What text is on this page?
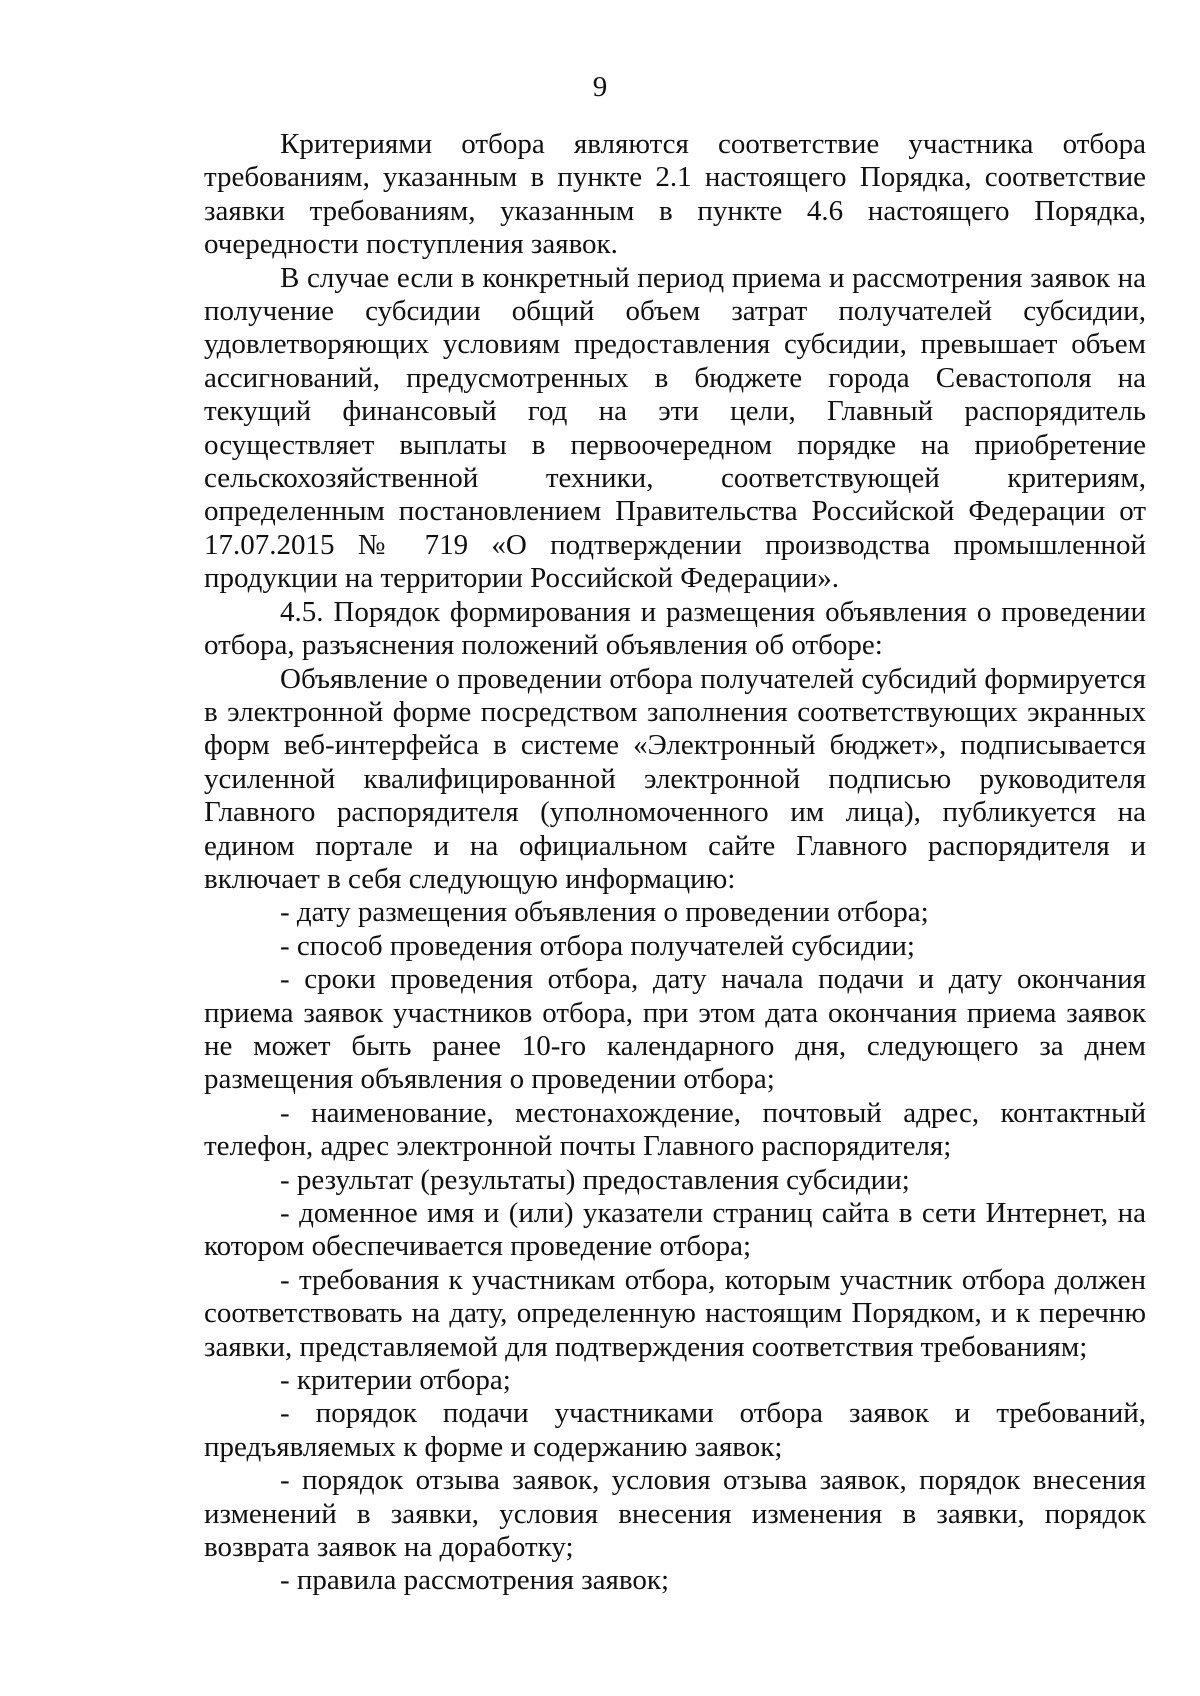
9

Критериями отбора являются соответствие участника отбора требованиям, указанным в пункте 2.1 настоящего Порядка, соответствие заявки требованиям, указанным в пункте 4.6 настоящего Порядка, очередности поступления заявок.

В случае если в конкретный период приема и рассмотрения заявок на получение субсидии общий объем затрат получателей субсидии, удовлетворяющих условиям предоставления субсидии, превышает объем ассигнований, предусмотренных в бюджете города Севастополя на текущий финансовый год на эти цели, Главный распорядитель осуществляет выплаты в первоочередном порядке на приобретение сельскохозяйственной техники, соответствующей критериям, определенным постановлением Правительства Российской Федерации от 17.07.2015 № 719 «О подтверждении производства промышленной продукции на территории Российской Федерации».

4.5. Порядок формирования и размещения объявления о проведении отбора, разъяснения положений объявления об отборе:

Объявление о проведении отбора получателей субсидий формируется в электронной форме посредством заполнения соответствующих экранных форм веб-интерфейса в системе «Электронный бюджет», подписывается усиленной квалифицированной электронной подписью руководителя Главного распорядителя (уполномоченного им лица), публикуется на едином портале и на официальном сайте Главного распорядителя и включает в себя следующую информацию:

- дату размещения объявления о проведении отбора;

- способ проведения отбора получателей субсидии;

- сроки проведения отбора, дату начала подачи и дату окончания приема заявок участников отбора, при этом дата окончания приема заявок не может быть ранее 10-го календарного дня, следующего за днем размещения объявления о проведении отбора;

- наименование, местонахождение, почтовый адрес, контактный телефон, адрес электронной почты Главного распорядителя;

- результат (результаты) предоставления субсидии;

- доменное имя и (или) указатели страниц сайта в сети Интернет, на котором обеспечивается проведение отбора;

- требования к участникам отбора, которым участник отбора должен соответствовать на дату, определенную настоящим Порядком, и к перечню заявки, представляемой для подтверждения соответствия требованиям;

- критерии отбора;

- порядок подачи участниками отбора заявок и требований, предъявляемых к форме и содержанию заявок;

- порядок отзыва заявок, условия отзыва заявок, порядок внесения изменений в заявки, условия внесения изменения в заявки, порядок возврата заявок на доработку;

- правила рассмотрения заявок;
